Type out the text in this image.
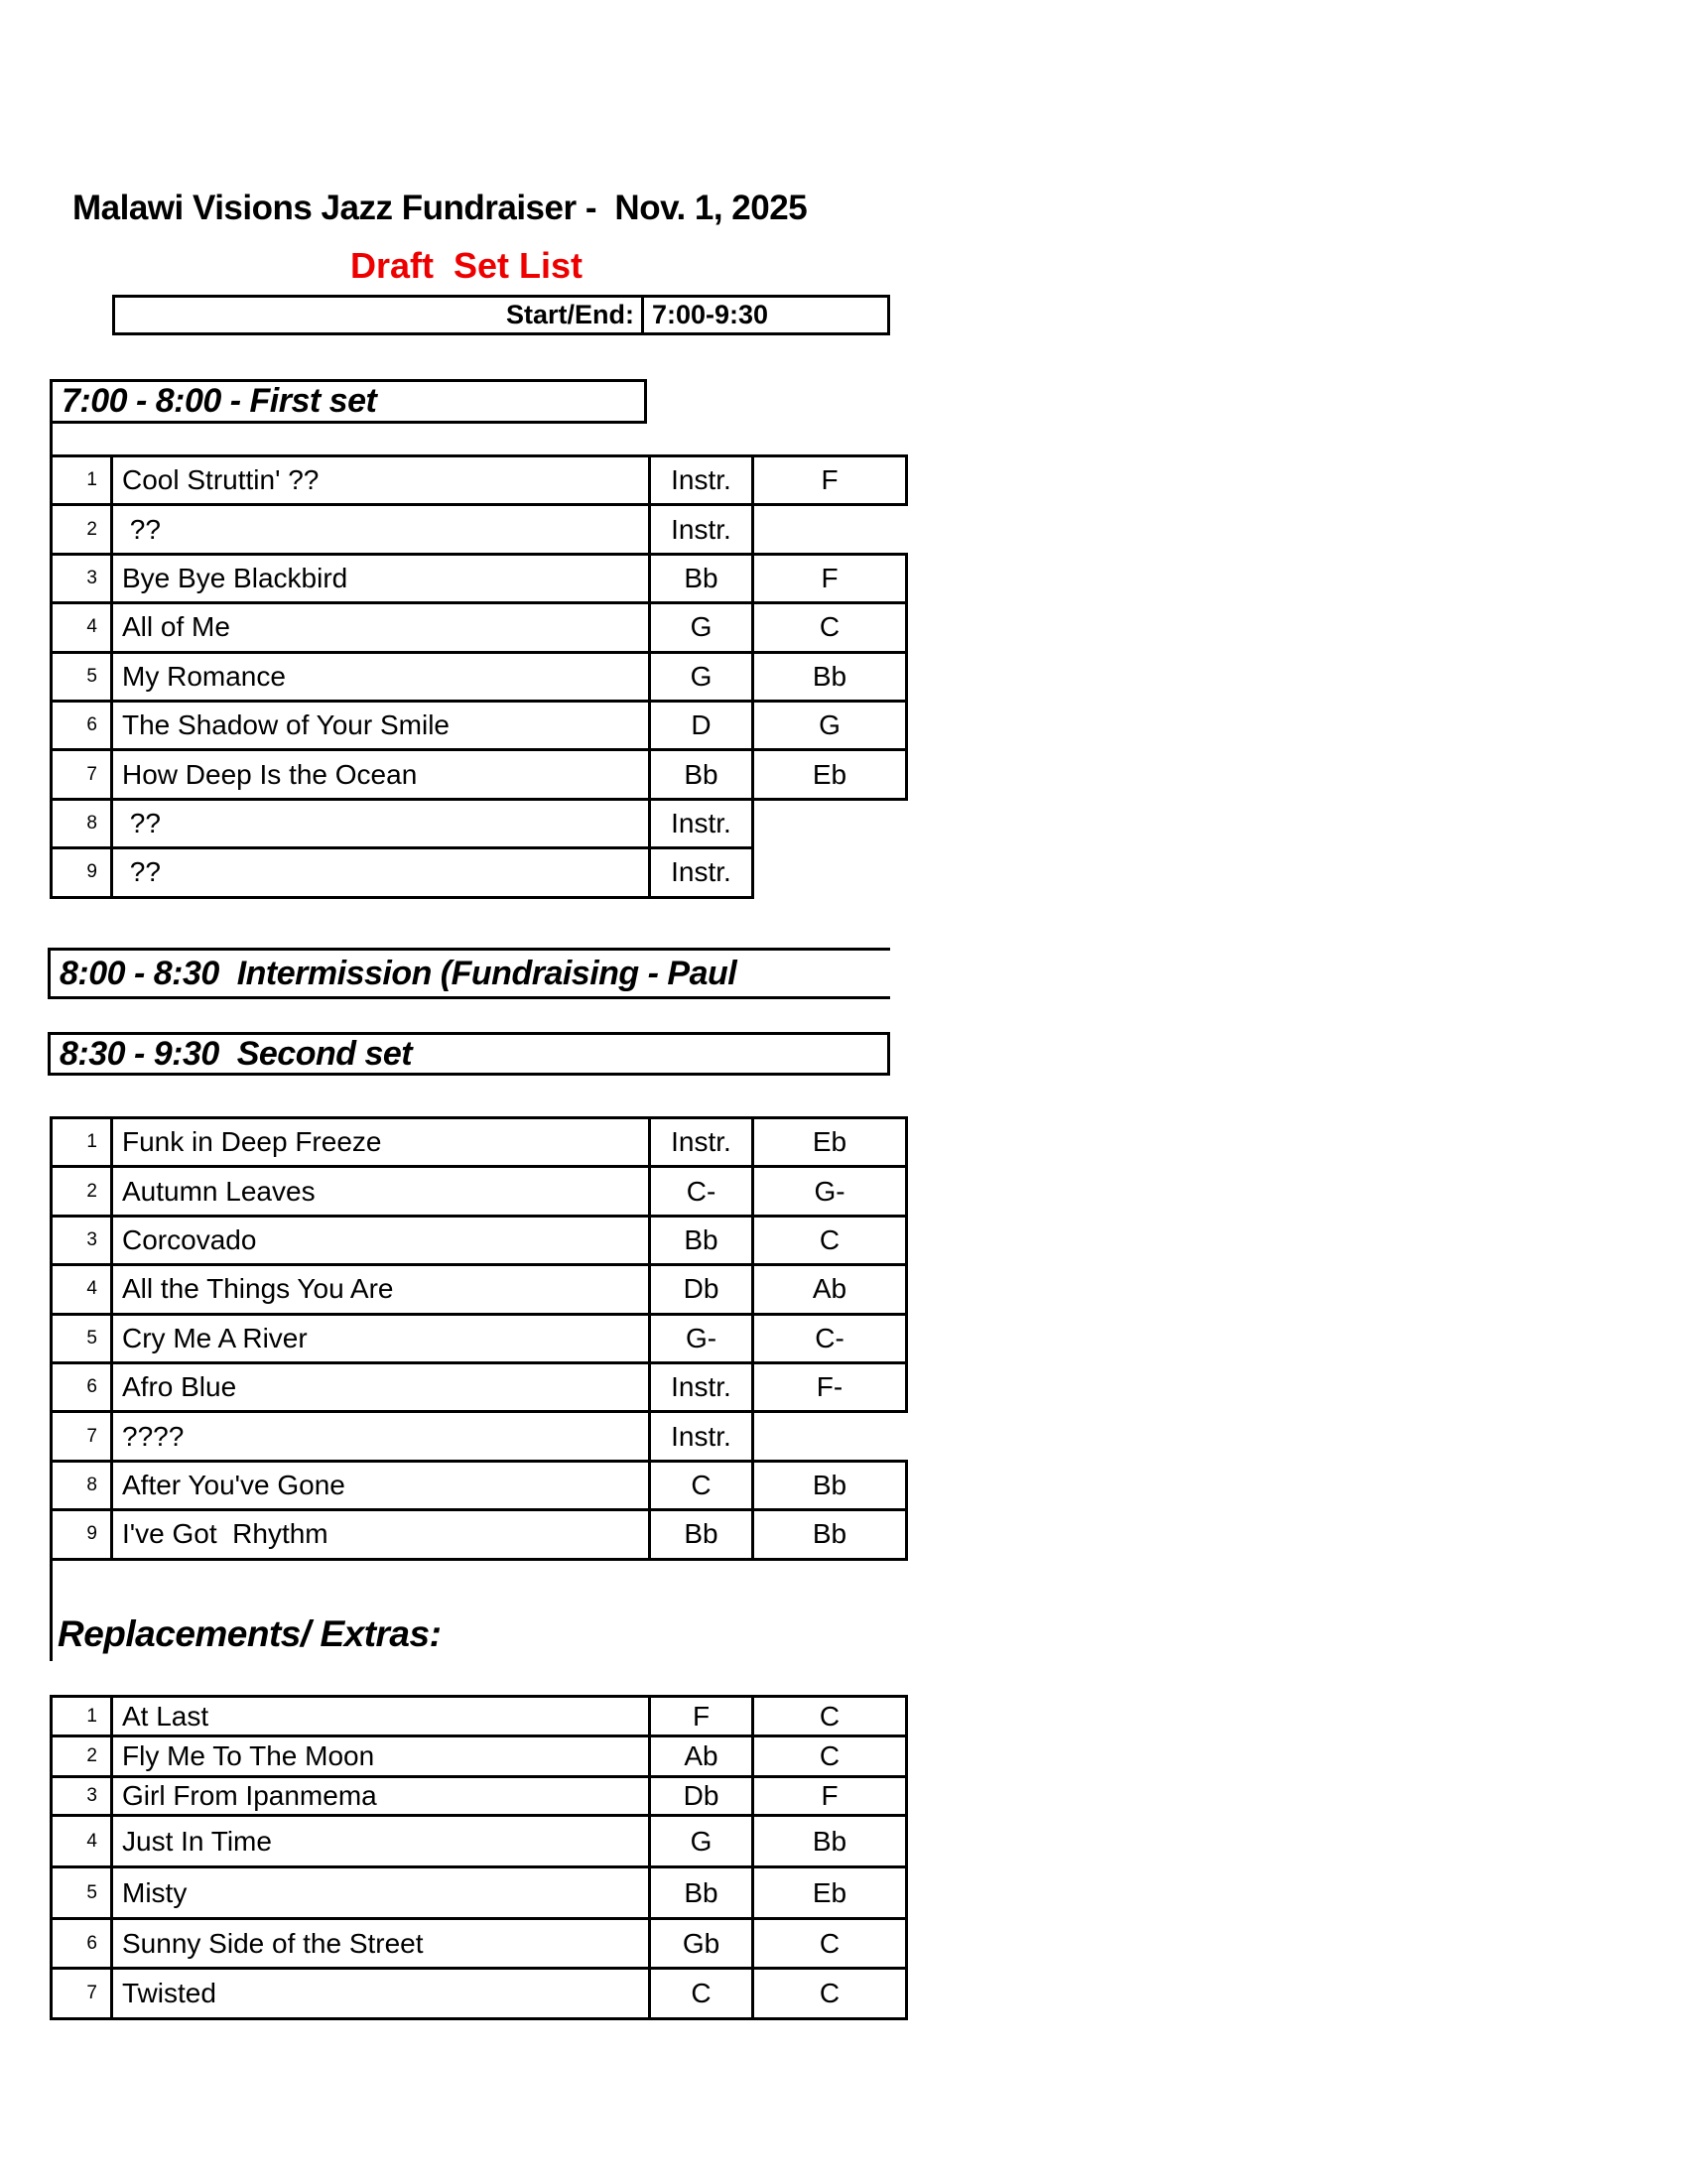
Malawi Visions Jazz Fundraiser -  Nov. 1, 2025
Draft  Set List
Start/End: 7:00-9:30
7:00 - 8:00 - First set
1	Cool Struttin' ??	Instr.	F
2	??	Instr.	
3	Bye Bye Blackbird	Bb	F
4	All of Me	G	C
5	My Romance	G	Bb
6	The Shadow of Your Smile	D	G
7	How Deep Is the Ocean	Bb	Eb
8	??	Instr.	
9	??	Instr.	
8:00 - 8:30  Intermission (Fundraising - Paul
8:30 - 9:30  Second set
1	Funk in Deep Freeze	Instr.	Eb
2	Autumn Leaves	C-	G-
3	Corcovado	Bb	C
4	All the Things You Are	Db	Ab
5	Cry Me A River	G-	C-
6	Afro Blue	Instr.	F-
7	????	Instr.	
8	After You've Gone	C	Bb
9	I've Got  Rhythm	Bb	Bb
Replacements/ Extras:
1	At Last	F	C
2	Fly Me To The Moon	Ab	C
3	Girl From Ipanmema	Db	F
4	Just In Time	G	Bb
5	Misty	Bb	Eb
6	Sunny Side of the Street	Gb	C
7	Twisted	C	C
